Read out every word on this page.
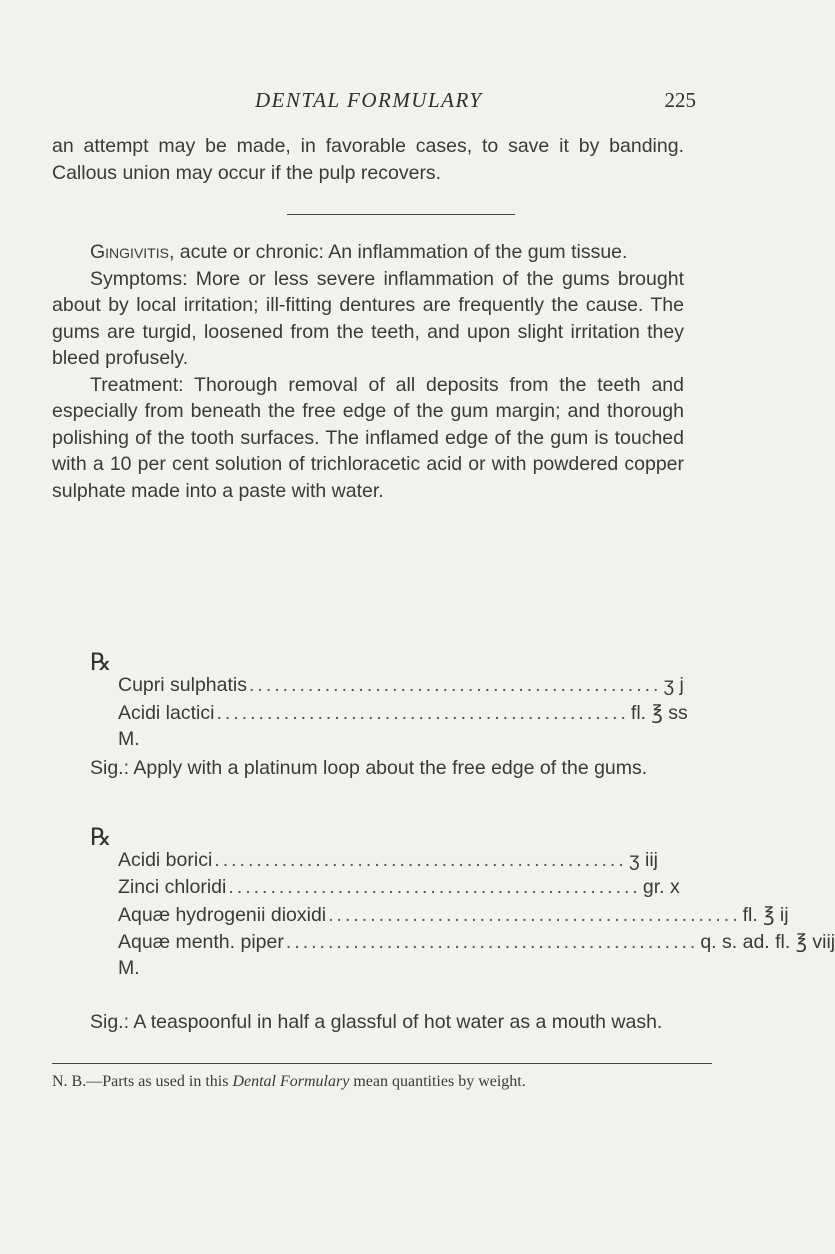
DENTAL FORMULARY	225
an attempt may be made, in favorable cases, to save it by banding. Callous union may occur if the pulp recovers.
Gingivitis, acute or chronic: An inflammation of the gum tissue.
Symptoms: More or less severe inflammation of the gums brought about by local irritation; ill-fitting dentures are frequently the cause. The gums are turgid, loosened from the teeth, and upon slight irritation they bleed profusely.
Treatment: Thorough removal of all deposits from the teeth and especially from beneath the free edge of the gum margin; and thorough polishing of the tooth surfaces. The inflamed edge of the gum is touched with a 10 per cent solution of trichloracetic acid or with powdered copper sulphate made into a paste with water.
℞
Cupri sulphatis ................................................. ʒ j
Acidi lactici ................................................. fl. ℥ ss
M.
Sig.: Apply with a platinum loop about the free edge of the gums.
℞
Acidi borici ................................................. ʒ iij
Zinci chloridi ................................................. gr. x
Aquæ hydrogenii dioxidi ................................................. fl. ℥ ij
Aquæ menth. piper ................................................. q. s. ad. fl. ℥ viij
M.
Sig.: A teaspoonful in half a glassful of hot water as a mouth wash.
N. B.—Parts as used in this Dental Formulary mean quantities by weight.
